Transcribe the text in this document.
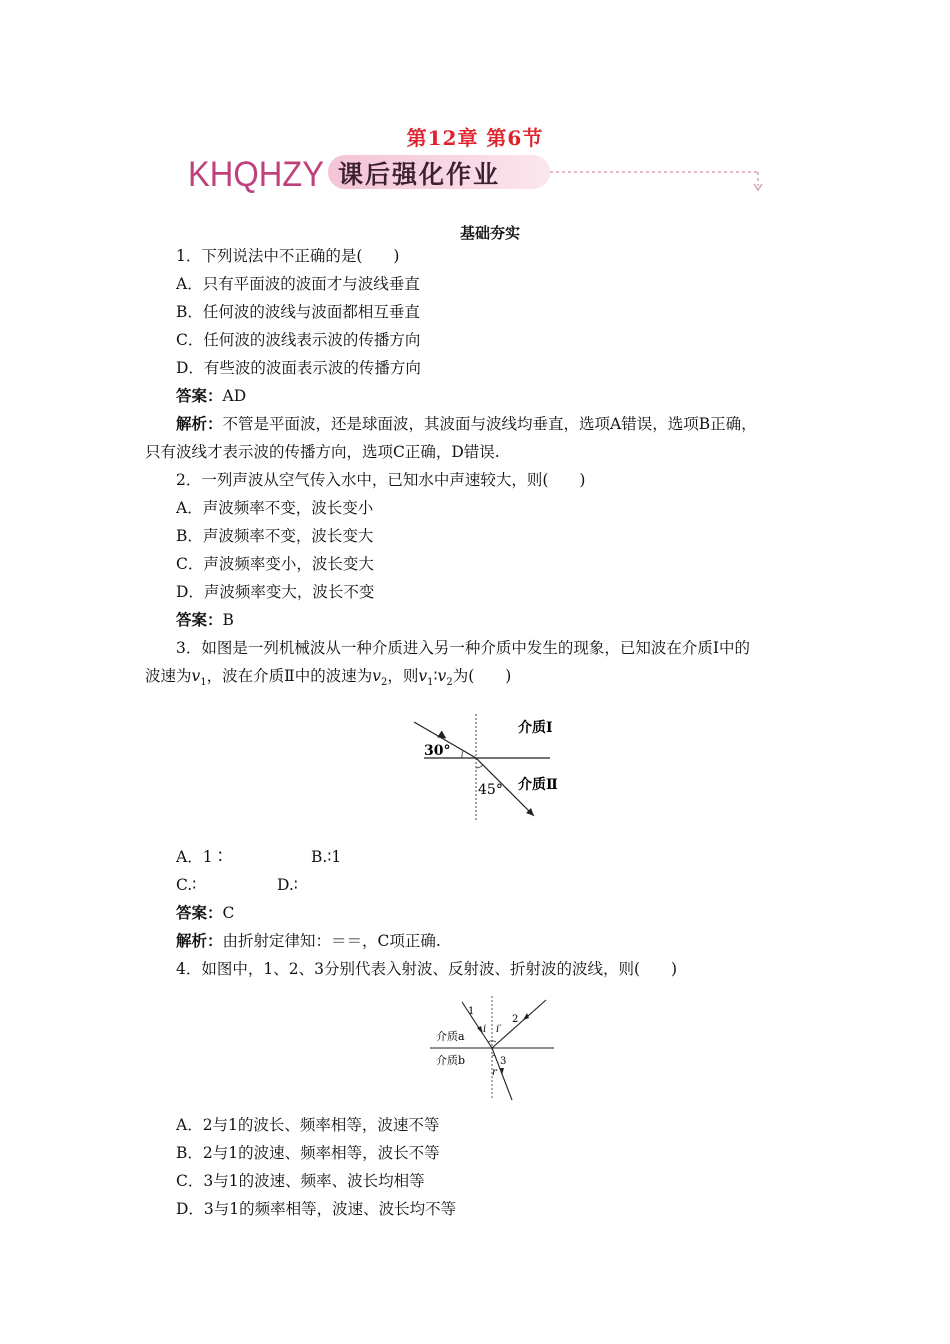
第12章 第6节
KHQHZY 课后强化作业
基础夯实
1．下列说法中不正确的是(　　)
A．只有平面波的波面才与波线垂直
B．任何波的波线与波面都相互垂直
C．任何波的波线表示波的传播方向
D．有些波的波面表示波的传播方向
答案：AD
解析：不管是平面波，还是球面波，其波面与波线均垂直，选项A错误，选项B正确，
只有波线才表示波的传播方向，选项C正确，D错误.
2．一列声波从空气传入水中，已知水中声速较大，则(　　)
A．声波频率不变，波长变小
B．声波频率不变，波长变大
C．声波频率变小，波长变大
D．声波频率变大，波长不变
答案：B
3．如图是一列机械波从一种介质进入另一种介质中发生的现象，已知波在介质Ⅰ中的
波速为$v_1$，波在介质Ⅱ中的波速为$v_2$，则$v_1∶v_2$为(　　)
30°
45°
介质Ⅰ
介质Ⅱ
A．1∶	B.∶1
C.∶	D.∶
答案：C
解析：由折射定律知：＝＝，C项正确.
4．如图中，1、2、3分别代表入射波、反射波、折射波的波线，则(　　)
1
2
3
i i′
r
介质a
介质b
A．2与1的波长、频率相等，波速不等
B．2与1的波速、频率相等，波长不等
C．3与1的波速、频率、波长均相等
D．3与1的频率相等，波速、波长均不等
